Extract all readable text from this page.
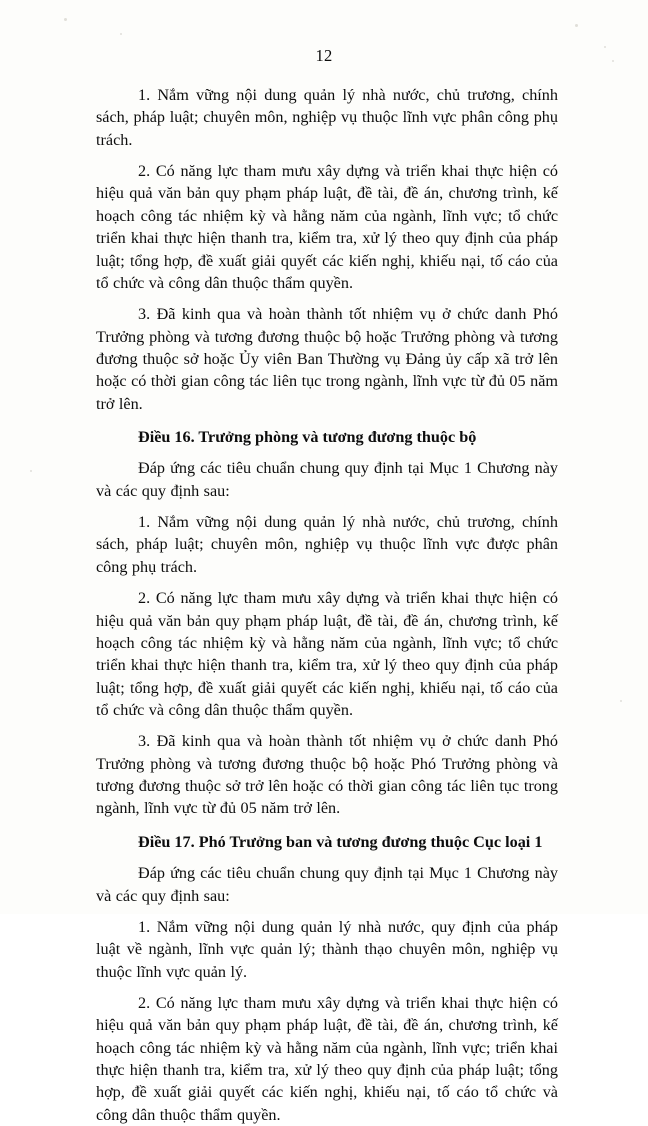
12

1. Nắm vững nội dung quản lý nhà nước, chủ trương, chính sách, pháp luật; chuyên môn, nghiệp vụ thuộc lĩnh vực phân công phụ trách.

2. Có năng lực tham mưu xây dựng và triển khai thực hiện có hiệu quả văn bản quy phạm pháp luật, đề tài, đề án, chương trình, kế hoạch công tác nhiệm kỳ và hằng năm của ngành, lĩnh vực; tổ chức triển khai thực hiện thanh tra, kiểm tra, xử lý theo quy định của pháp luật; tổng hợp, đề xuất giải quyết các kiến nghị, khiếu nại, tố cáo của tổ chức và công dân thuộc thẩm quyền.

3. Đã kinh qua và hoàn thành tốt nhiệm vụ ở chức danh Phó Trưởng phòng và tương đương thuộc bộ hoặc Trưởng phòng và tương đương thuộc sở hoặc Ủy viên Ban Thường vụ Đảng ủy cấp xã trở lên hoặc có thời gian công tác liên tục trong ngành, lĩnh vực từ đủ 05 năm trở lên.

Điều 16. Trưởng phòng và tương đương thuộc bộ

Đáp ứng các tiêu chuẩn chung quy định tại Mục 1 Chương này và các quy định sau:

1. Nắm vững nội dung quản lý nhà nước, chủ trương, chính sách, pháp luật; chuyên môn, nghiệp vụ thuộc lĩnh vực được phân công phụ trách.

2. Có năng lực tham mưu xây dựng và triển khai thực hiện có hiệu quả văn bản quy phạm pháp luật, đề tài, đề án, chương trình, kế hoạch công tác nhiệm kỳ và hằng năm của ngành, lĩnh vực; tổ chức triển khai thực hiện thanh tra, kiểm tra, xử lý theo quy định của pháp luật; tổng hợp, đề xuất giải quyết các kiến nghị, khiếu nại, tố cáo của tổ chức và công dân thuộc thẩm quyền.

3. Đã kinh qua và hoàn thành tốt nhiệm vụ ở chức danh Phó Trưởng phòng và tương đương thuộc bộ hoặc Phó Trưởng phòng và tương đương thuộc sở trở lên hoặc có thời gian công tác liên tục trong ngành, lĩnh vực từ đủ 05 năm trở lên.

Điều 17. Phó Trưởng ban và tương đương thuộc Cục loại 1

Đáp ứng các tiêu chuẩn chung quy định tại Mục 1 Chương này và các quy định sau:

1. Nắm vững nội dung quản lý nhà nước, quy định của pháp luật về ngành, lĩnh vực quản lý; thành thạo chuyên môn, nghiệp vụ thuộc lĩnh vực quản lý.

2. Có năng lực tham mưu xây dựng và triển khai thực hiện có hiệu quả văn bản quy phạm pháp luật, đề tài, đề án, chương trình, kế hoạch công tác nhiệm kỳ và hằng năm của ngành, lĩnh vực; triển khai thực hiện thanh tra, kiểm tra, xử lý theo quy định của pháp luật; tổng hợp, đề xuất giải quyết các kiến nghị, khiếu nại, tố cáo tổ chức và công dân thuộc thẩm quyền.
